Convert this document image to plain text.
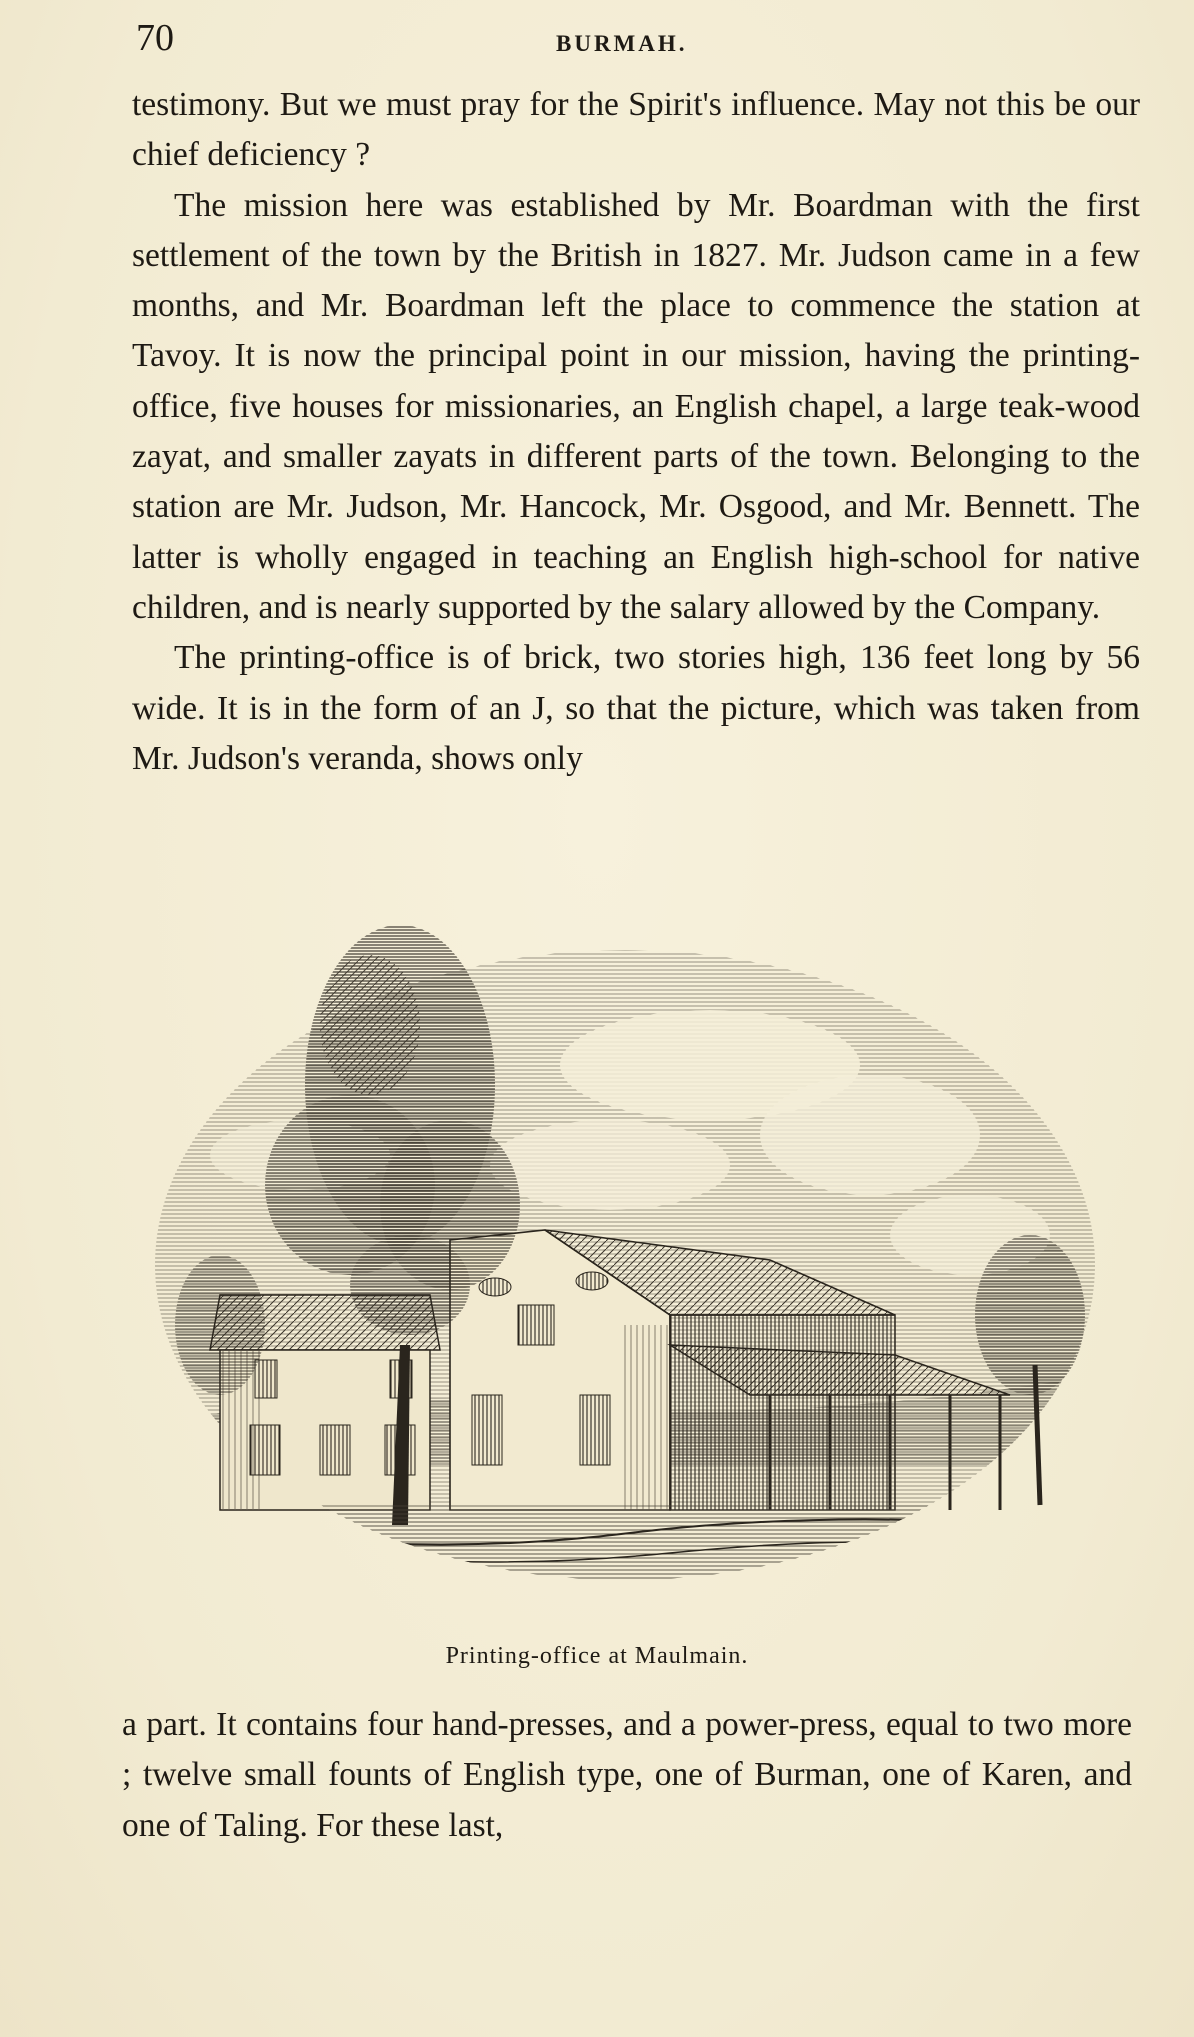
70	BURMAH.

testimony. But we must pray for the Spirit's influence. May not this be our chief deficiency ?

The mission here was established by Mr. Boardman with the first settlement of the town by the British in 1827. Mr. Judson came in a few months, and Mr. Boardman left the place to commence the station at Tavoy. It is now the principal point in our mission, having the printing-office, five houses for missionaries, an English chapel, a large teak-wood zayat, and smaller zayats in different parts of the town. Belonging to the station are Mr. Judson, Mr. Hancock, Mr. Osgood, and Mr. Bennett. The latter is wholly engaged in teaching an English high-school for native children, and is nearly supported by the salary allowed by the Company.

The printing-office is of brick, two stories high, 136 feet long by 56 wide. It is in the form of an J, so that the picture, which was taken from Mr. Judson's veranda, shows only

Printing-office at Maulmain.

a part. It contains four hand-presses, and a power-press, equal to two more ; twelve small founts of English type, one of Burman, one of Karen, and one of Taling. For these last,
